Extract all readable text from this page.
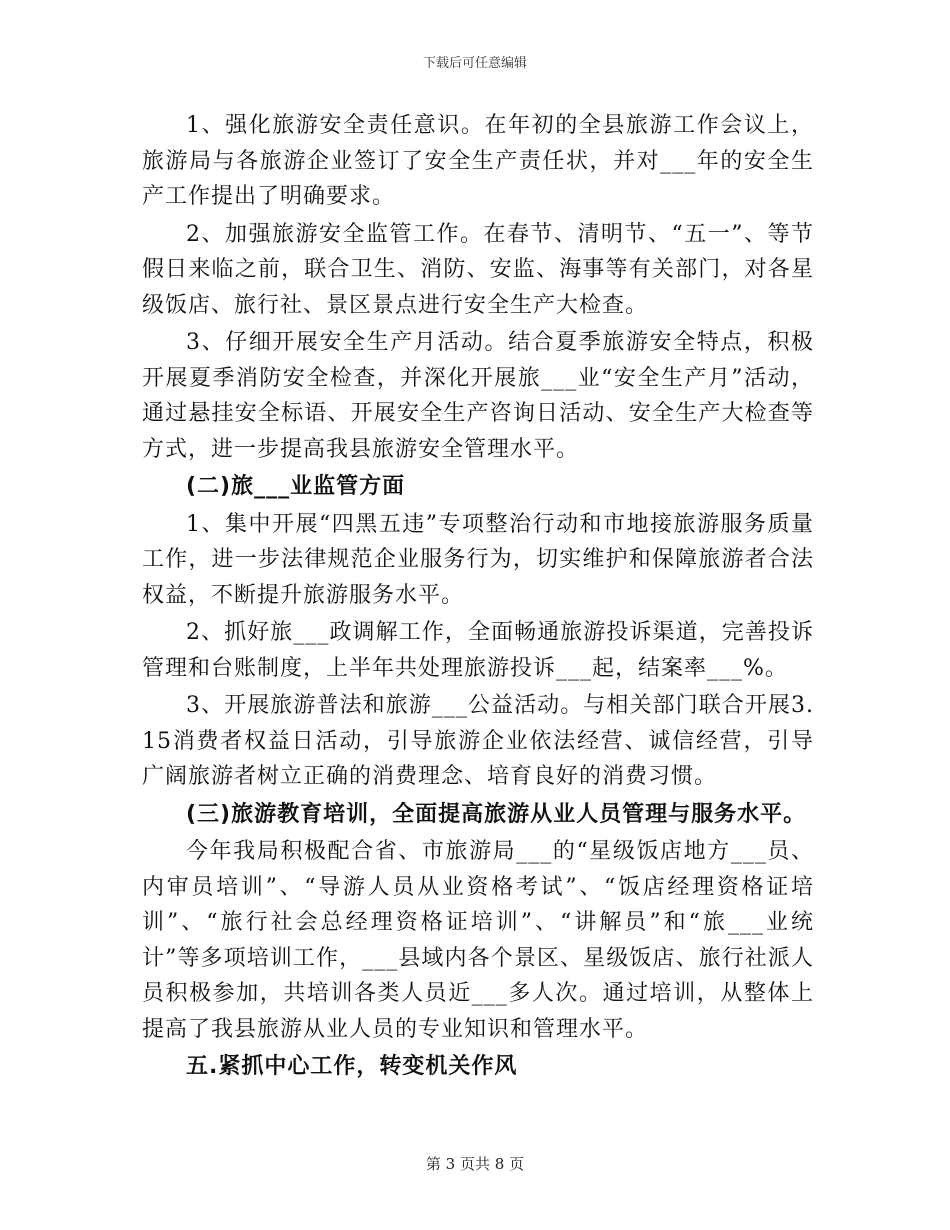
下载后可任意编辑

1、强化旅游安全责任意识。在年初的全县旅游工作会议上，旅游局与各旅游企业签订了安全生产责任状，并对___年的安全生产工作提出了明确要求。

2、加强旅游安全监管工作。在春节、清明节、“五一”、等节假日来临之前，联合卫生、消防、安监、海事等有关部门，对各星级饭店、旅行社、景区景点进行安全生产大检查。

3、仔细开展安全生产月活动。结合夏季旅游安全特点，积极开展夏季消防安全检查，并深化开展旅___业“安全生产月”活动，通过悬挂安全标语、开展安全生产咨询日活动、安全生产大检查等方式，进一步提高我县旅游安全管理水平。

(二)旅___业监管方面

1、集中开展“四黑五违”专项整治行动和市地接旅游服务质量工作，进一步法律规范企业服务行为，切实维护和保障旅游者合法权益，不断提升旅游服务水平。

2、抓好旅___政调解工作，全面畅通旅游投诉渠道，完善投诉管理和台账制度，上半年共处理旅游投诉___起，结案率___%。

3、开展旅游普法和旅游___公益活动。与相关部门联合开展3.15消费者权益日活动，引导旅游企业依法经营、诚信经营，引导广阔旅游者树立正确的消费理念、培育良好的消费习惯。

(三)旅游教育培训，全面提高旅游从业人员管理与服务水平。

今年我局积极配合省、市旅游局___的“星级饭店地方___员、内审员培训”、“导游人员从业资格考试”、“饭店经理资格证培训”、“旅行社会总经理资格证培训”、“讲解员”和“旅___业统计”等多项培训工作，___县域内各个景区、星级饭店、旅行社派人员积极参加，共培训各类人员近___多人次。通过培训，从整体上提高了我县旅游从业人员的专业知识和管理水平。

五.紧抓中心工作，转变机关作风

第 3 页共 8 页
